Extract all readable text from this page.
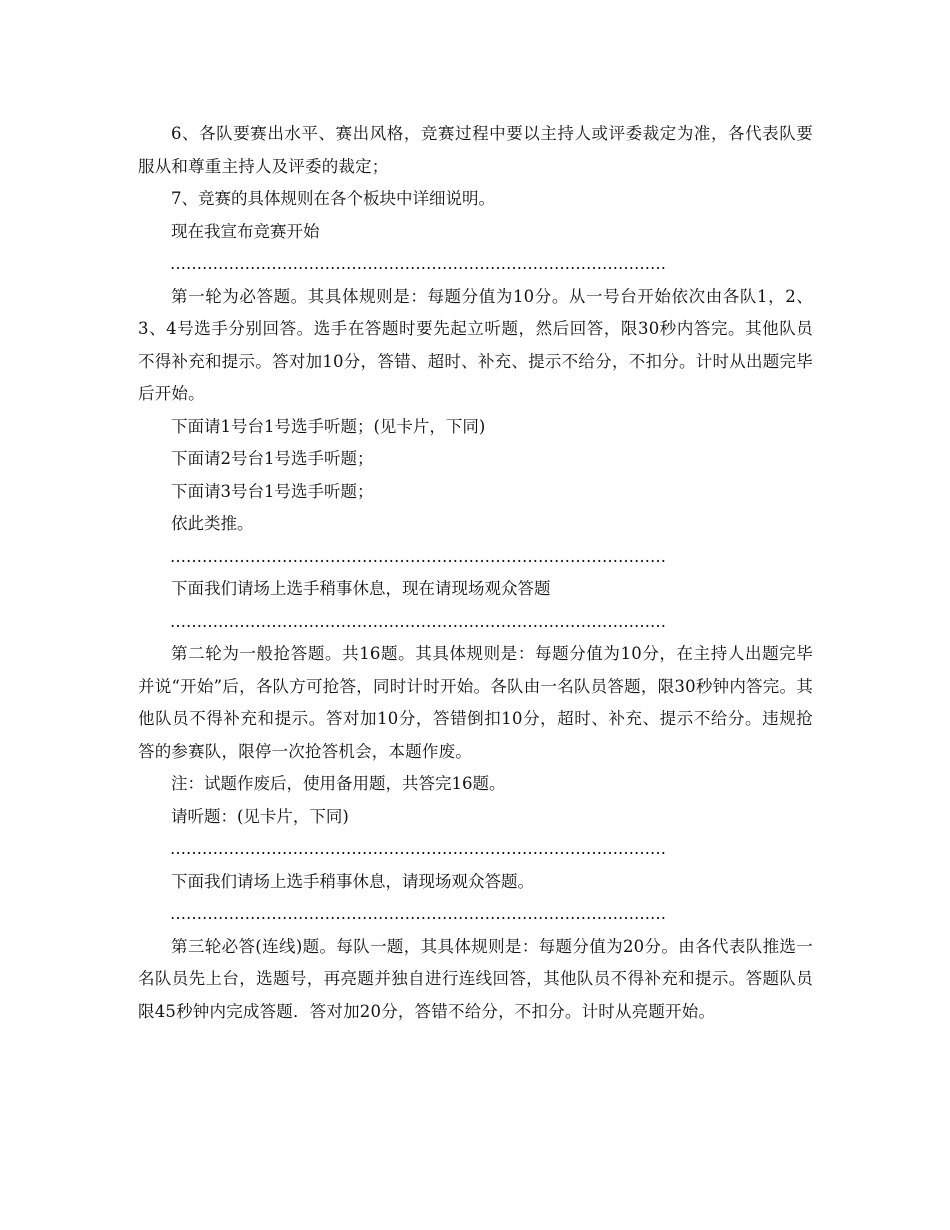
6、各队要赛出水平、赛出风格，竞赛过程中要以主持人或评委裁定为准，各代表队要服从和尊重主持人及评委的裁定；

7、竞赛的具体规则在各个板块中详细说明。

现在我宣布竞赛开始

…………………………………………………………………………………

第一轮为必答题。其具体规则是：每题分值为10分。从一号台开始依次由各队1，2、3、4号选手分别回答。选手在答题时要先起立听题，然后回答，限30秒内答完。其他队员不得补充和提示。答对加10分，答错、超时、补充、提示不给分，不扣分。计时从出题完毕后开始。

下面请1号台1号选手听题；(见卡片，下同)

下面请2号台1号选手听题；

下面请3号台1号选手听题；

依此类推。

…………………………………………………………………………………

下面我们请场上选手稍事休息，现在请现场观众答题

…………………………………………………………………………………

第二轮为一般抢答题。共16题。其具体规则是：每题分值为10分，在主持人出题完毕并说“开始”后，各队方可抢答，同时计时开始。各队由一名队员答题，限30秒钟内答完。其他队员不得补充和提示。答对加10分，答错倒扣10分，超时、补充、提示不给分。违规抢答的参赛队，限停一次抢答机会，本题作废。

注：试题作废后，使用备用题，共答完16题。

请听题：(见卡片，下同)

…………………………………………………………………………………

下面我们请场上选手稍事休息，请现场观众答题。

…………………………………………………………………………………

第三轮必答(连线)题。每队一题，其具体规则是：每题分值为20分。由各代表队推选一名队员先上台，选题号，再亮题并独自进行连线回答，其他队员不得补充和提示。答题队员限45秒钟内完成答题．答对加20分，答错不给分，不扣分。计时从亮题开始。
